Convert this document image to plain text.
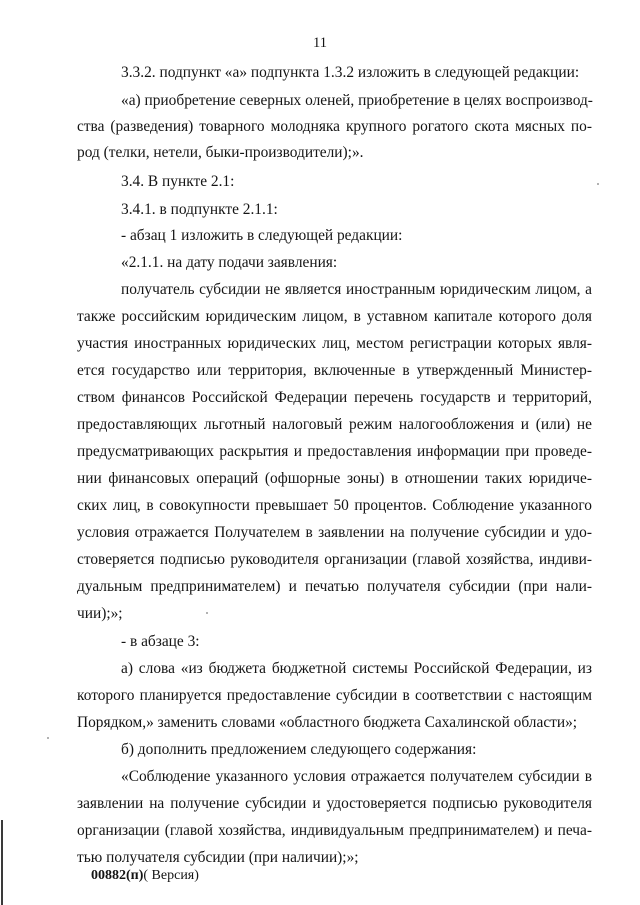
11
3.3.2. подпункт «а» подпункта 1.3.2 изложить в следующей редакции:
«а) приобретение северных оленей, приобретение в целях воспроизвод-
ства (разведения) товарного молодняка крупного рогатого скота мясных по-
род (телки, нетели, быки-производители);».
3.4. В пункте 2.1:
3.4.1. в подпункте 2.1.1:
- абзац 1 изложить в следующей редакции:
«2.1.1. на дату подачи заявления:
получатель субсидии не является иностранным юридическим лицом, а
также российским юридическим лицом, в уставном капитале которого доля
участия иностранных юридических лиц, местом регистрации которых явля-
ется государство или территория, включенные в утвержденный Министер-
ством финансов Российской Федерации перечень государств и территорий,
предоставляющих льготный налоговый режим налогообложения и (или) не
предусматривающих раскрытия и предоставления информации при проведе-
нии финансовых операций (офшорные зоны) в отношении таких юридиче-
ских лиц, в совокупности превышает 50 процентов. Соблюдение указанного
условия отражается Получателем в заявлении на получение субсидии и удо-
стоверяется подписью руководителя организации (главой хозяйства, индиви-
дуальным предпринимателем) и печатью получателя субсидии (при нали-
чии);»;
- в абзаце 3:
а) слова «из бюджета бюджетной системы Российской Федерации, из
которого планируется предоставление субсидии в соответствии с настоящим
Порядком,» заменить словами «областного бюджета Сахалинской области»;
б) дополнить предложением следующего содержания:
«Соблюдение указанного условия отражается получателем субсидии в
заявлении на получение субсидии и удостоверяется подписью руководителя
организации (главой хозяйства, индивидуальным предпринимателем) и печа-
тью получателя субсидии (при наличии);»;
00882(п)( Версия)
